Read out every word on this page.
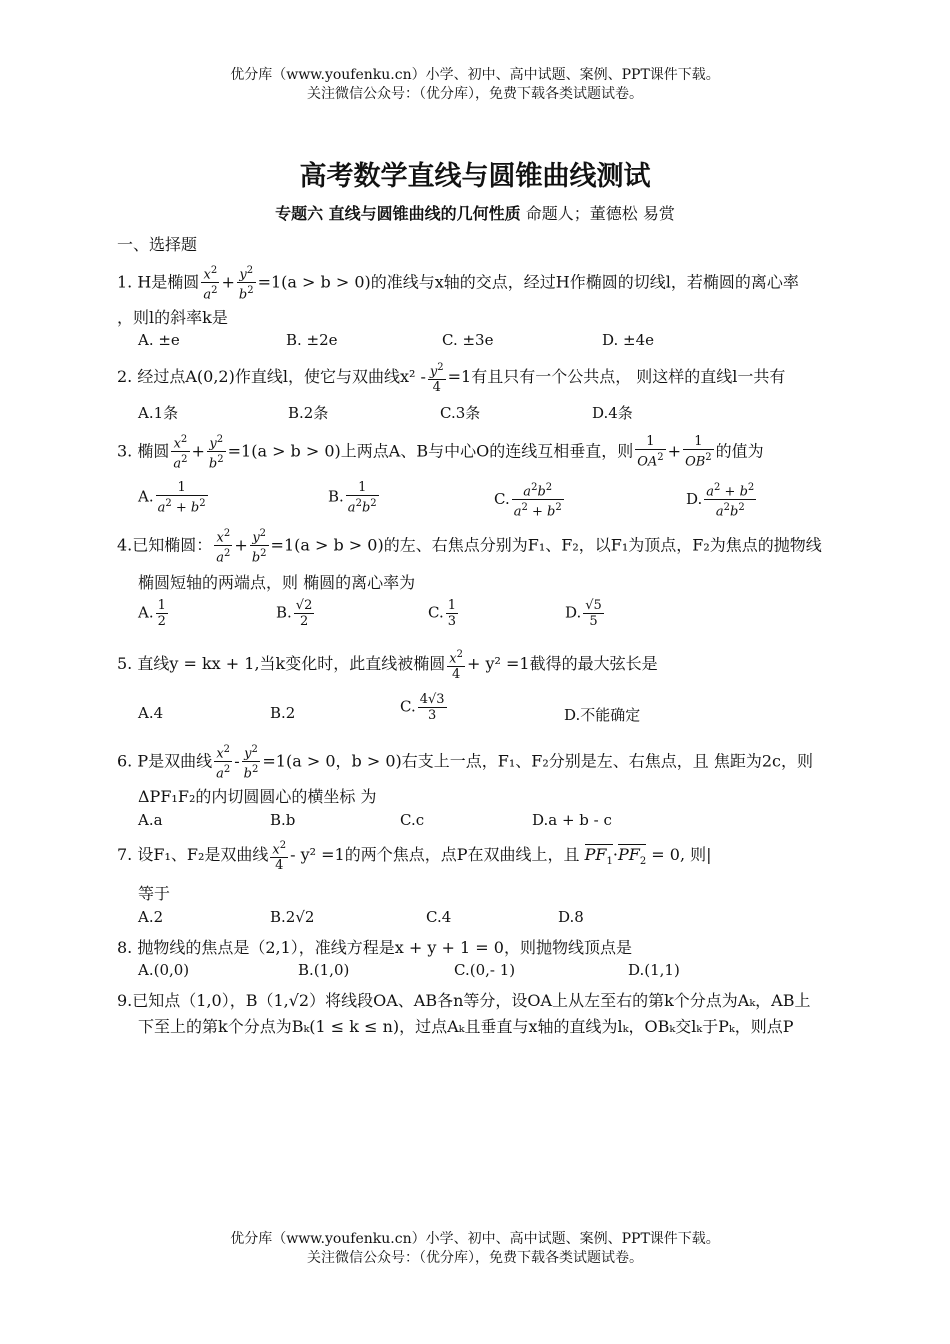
优分库（www.youfenku.cn）小学、初中、高中试题、案例、PPT课件下载。
关注微信公众号：（优分库），免费下载各类试题试卷。
高考数学直线与圆锥曲线测试
专题六 直线与圆锥曲线的几何性质 命题人；董德松 易赏
一、选择题
1. H是椭圆 $\frac{x^2}{a^2} + \frac{y^2}{b^2} =1(a > b > 0)$的准线与x轴的交点，经过H作椭圆的切线l，若椭圆的离心率
，则l的斜率k是
A. ±e	B. ±2e	C. ±3e	D. ±4e
2. 经过点A(0,2)作直线l，使它与双曲线$x^2 - \frac{y^2}{4} =1$有且只有一个公共点， 则这样的直线l一共有
A.1条	B.2条	C.3条	D.4条
3. 椭圆 $\frac{x^2}{a^2} + \frac{y^2}{b^2} =1(a > b > 0)$上两点A、B与中心O的连线互相垂直，则 $\frac{1}{OA^2} + \frac{1}{OB^2}$ 的值为
A. $\frac{1}{a^2 + b^2}$	B. $\frac{1}{a^2b^2}$	C. $\frac{a^2b^2}{a^2 + b^2}$	D. $\frac{a^2 + b^2}{a^2b^2}$
4.已知椭圆： $\frac{x^2}{a^2} + \frac{y^2}{b^2} =1(a > b > 0)$的左、右焦点分别为F₁、F₂，以F₁为顶点，F₂为焦点的抛物线
椭圆短轴的两端点，则 椭圆的离心率为
A. $\frac{1}{2}$	B. $\frac{√2}{2}$	C. $\frac{1}{3}$	D. $\frac{√5}{5}$
5. 直线y = kx + 1,当k变化时，此直线被椭圆 $\frac{x^2}{4} + y^2 =1$截得的最大弦长是
A.4	B.2	C. $\frac{4√3}{3}$	D.不能确定
6. P是双曲线 $\frac{x^2}{a^2} - \frac{y^2}{b^2} =1(a > 0$，b > 0)右支上一点，F₁、F₂分别是左、右焦点，且 焦距为2c，则
ΔPF₁F₂的内切圆圆心的横坐标 为
A.a	B.b	C.c	D.a + b - c
7. 设F₁、F₂是双曲线 $\frac{x^2}{4} - y^2 =1$的两个焦点，点P在双曲线上，且 $PF_1\cdot PF_2 = 0$, 则|
等于
A.2	B.2√2	C.4	D.8
8. 抛物线的焦点是（2,1），准线方程是x + y + 1 = 0，则抛物线顶点是
A.(0,0)	B.(1,0)	C.(0,- 1)	D.(1,1)
9.已知点（1,0），B（1,√2）将线段OA、AB各n等分，设OA上从左至右的第k个分点为Aₖ，AB上
下至上的第k个分点为Bₖ(1 ≤ k ≤ n)，过点Aₖ且垂直与x轴的直线为lₖ，OBₖ交lₖ于Pₖ，则点P
优分库（www.youfenku.cn）小学、初中、高中试题、案例、PPT课件下载。
关注微信公众号：（优分库），免费下载各类试题试卷。
